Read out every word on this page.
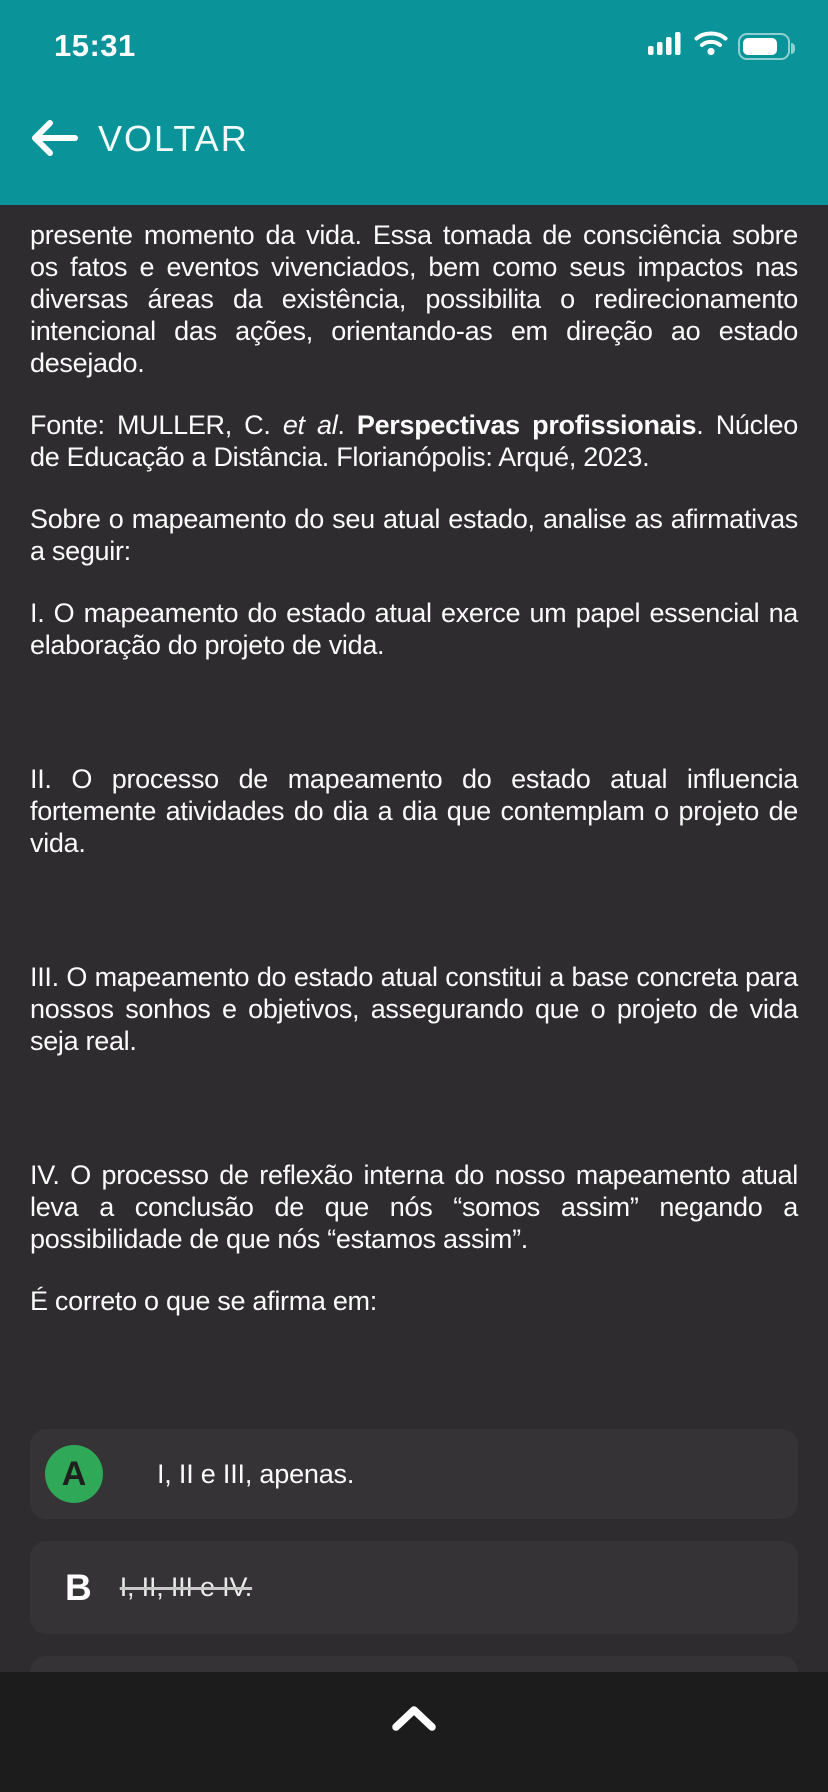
15:31
VOLTAR

presente momento da vida. Essa tomada de consciência sobre os fatos e eventos vivenciados, bem como seus impactos nas diversas áreas da existência, possibilita o redirecionamento intencional das ações, orientando-as em direção ao estado desejado.

Fonte: MULLER, C. et al. Perspectivas profissionais. Núcleo de Educação a Distância. Florianópolis: Arqué, 2023.

Sobre o mapeamento do seu atual estado, analise as afirmativas a seguir:

I. O mapeamento do estado atual exerce um papel essencial na elaboração do projeto de vida.

II. O processo de mapeamento do estado atual influencia fortemente atividades do dia a dia que contemplam o projeto de vida.

III. O mapeamento do estado atual constitui a base concreta para nossos sonhos e objetivos, assegurando que o projeto de vida seja real.

IV. O processo de reflexão interna do nosso mapeamento atual leva a conclusão de que nós “somos assim” negando a possibilidade de que nós “estamos assim”.

É correto o que se afirma em:

A	I, II e III, apenas.
B I, II, III e IV.
